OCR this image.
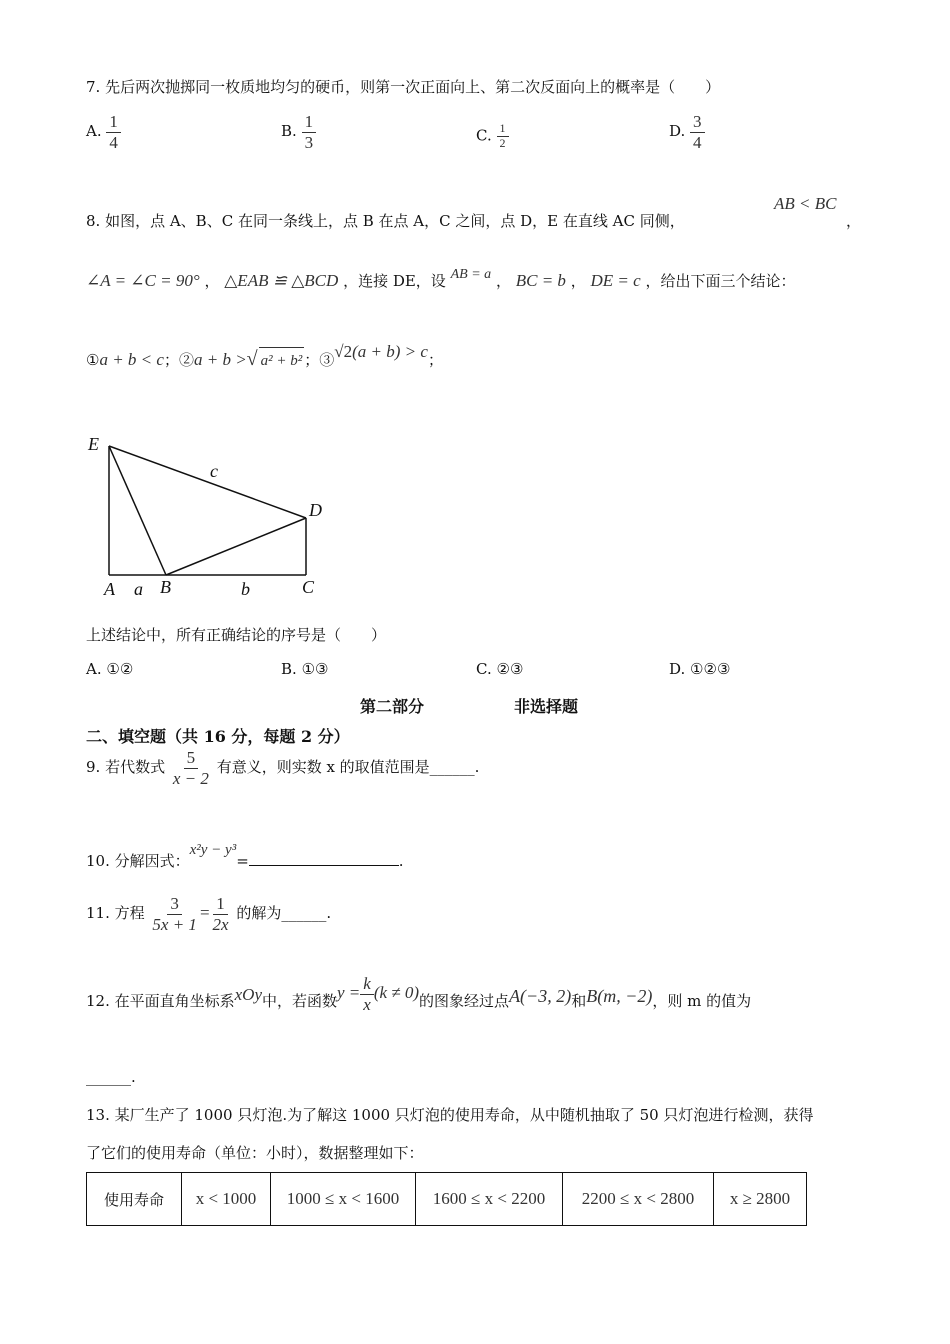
7. 先后两次抛掷同一枚质地均匀的硬币，则第一次正面向上、第二次反面向上的概率是（　　）
A. $\frac{1}{4}$	B. $\frac{1}{3}$	C. $\frac{1}{2}$	D. $\frac{3}{4}$
8. 如图，点 A、B、C 在同一条线上，点 B 在点 A，C 之间，点 D，E 在直线 AC 同侧，
AB < BC
，
∠A = ∠C = 90° ， △EAB ≌ △BCD ，连接 DE，设 AB = a ， BC = b ， DE = c ，给出下面三个结论：
①a + b < c；②a + b >√ a² + b² ；③√2(a + b) > c；
E
D
A	B	C
a	b
c
上述结论中，所有正确结论的序号是（　　）
A. ①②	B. ①③	C. ②③	D. ①②③
第二部分	非选择题
二、填空题（共 16 分，每题 2 分）
9. 若代数式 $\frac{5}{x - 2}$ 有意义，则实数 x 的取值范围是______.
10. 分解因式：x²y − y³=	.
11. 方程 $\frac{3}{5x + 1} = \frac{1}{2x}$ 的解为______.
12. 在平面直角坐标系xOy中，若函数$y = \frac{k}{x} (k \ne 0)$的图象经过点A(−3, 2)和B(m, −2)，则 m 的值为
______.
13. 某厂生产了 1000 只灯泡.为了解这 1000 只灯泡的使用寿命，从中随机抽取了 50 只灯泡进行检测，获得
了它们的使用寿命（单位：小时），数据整理如下：
使用寿命	x < 1000	1000 ≤ x < 1600	1600 ≤ x < 2200	2200 ≤ x < 2800	x ≥ 2800
